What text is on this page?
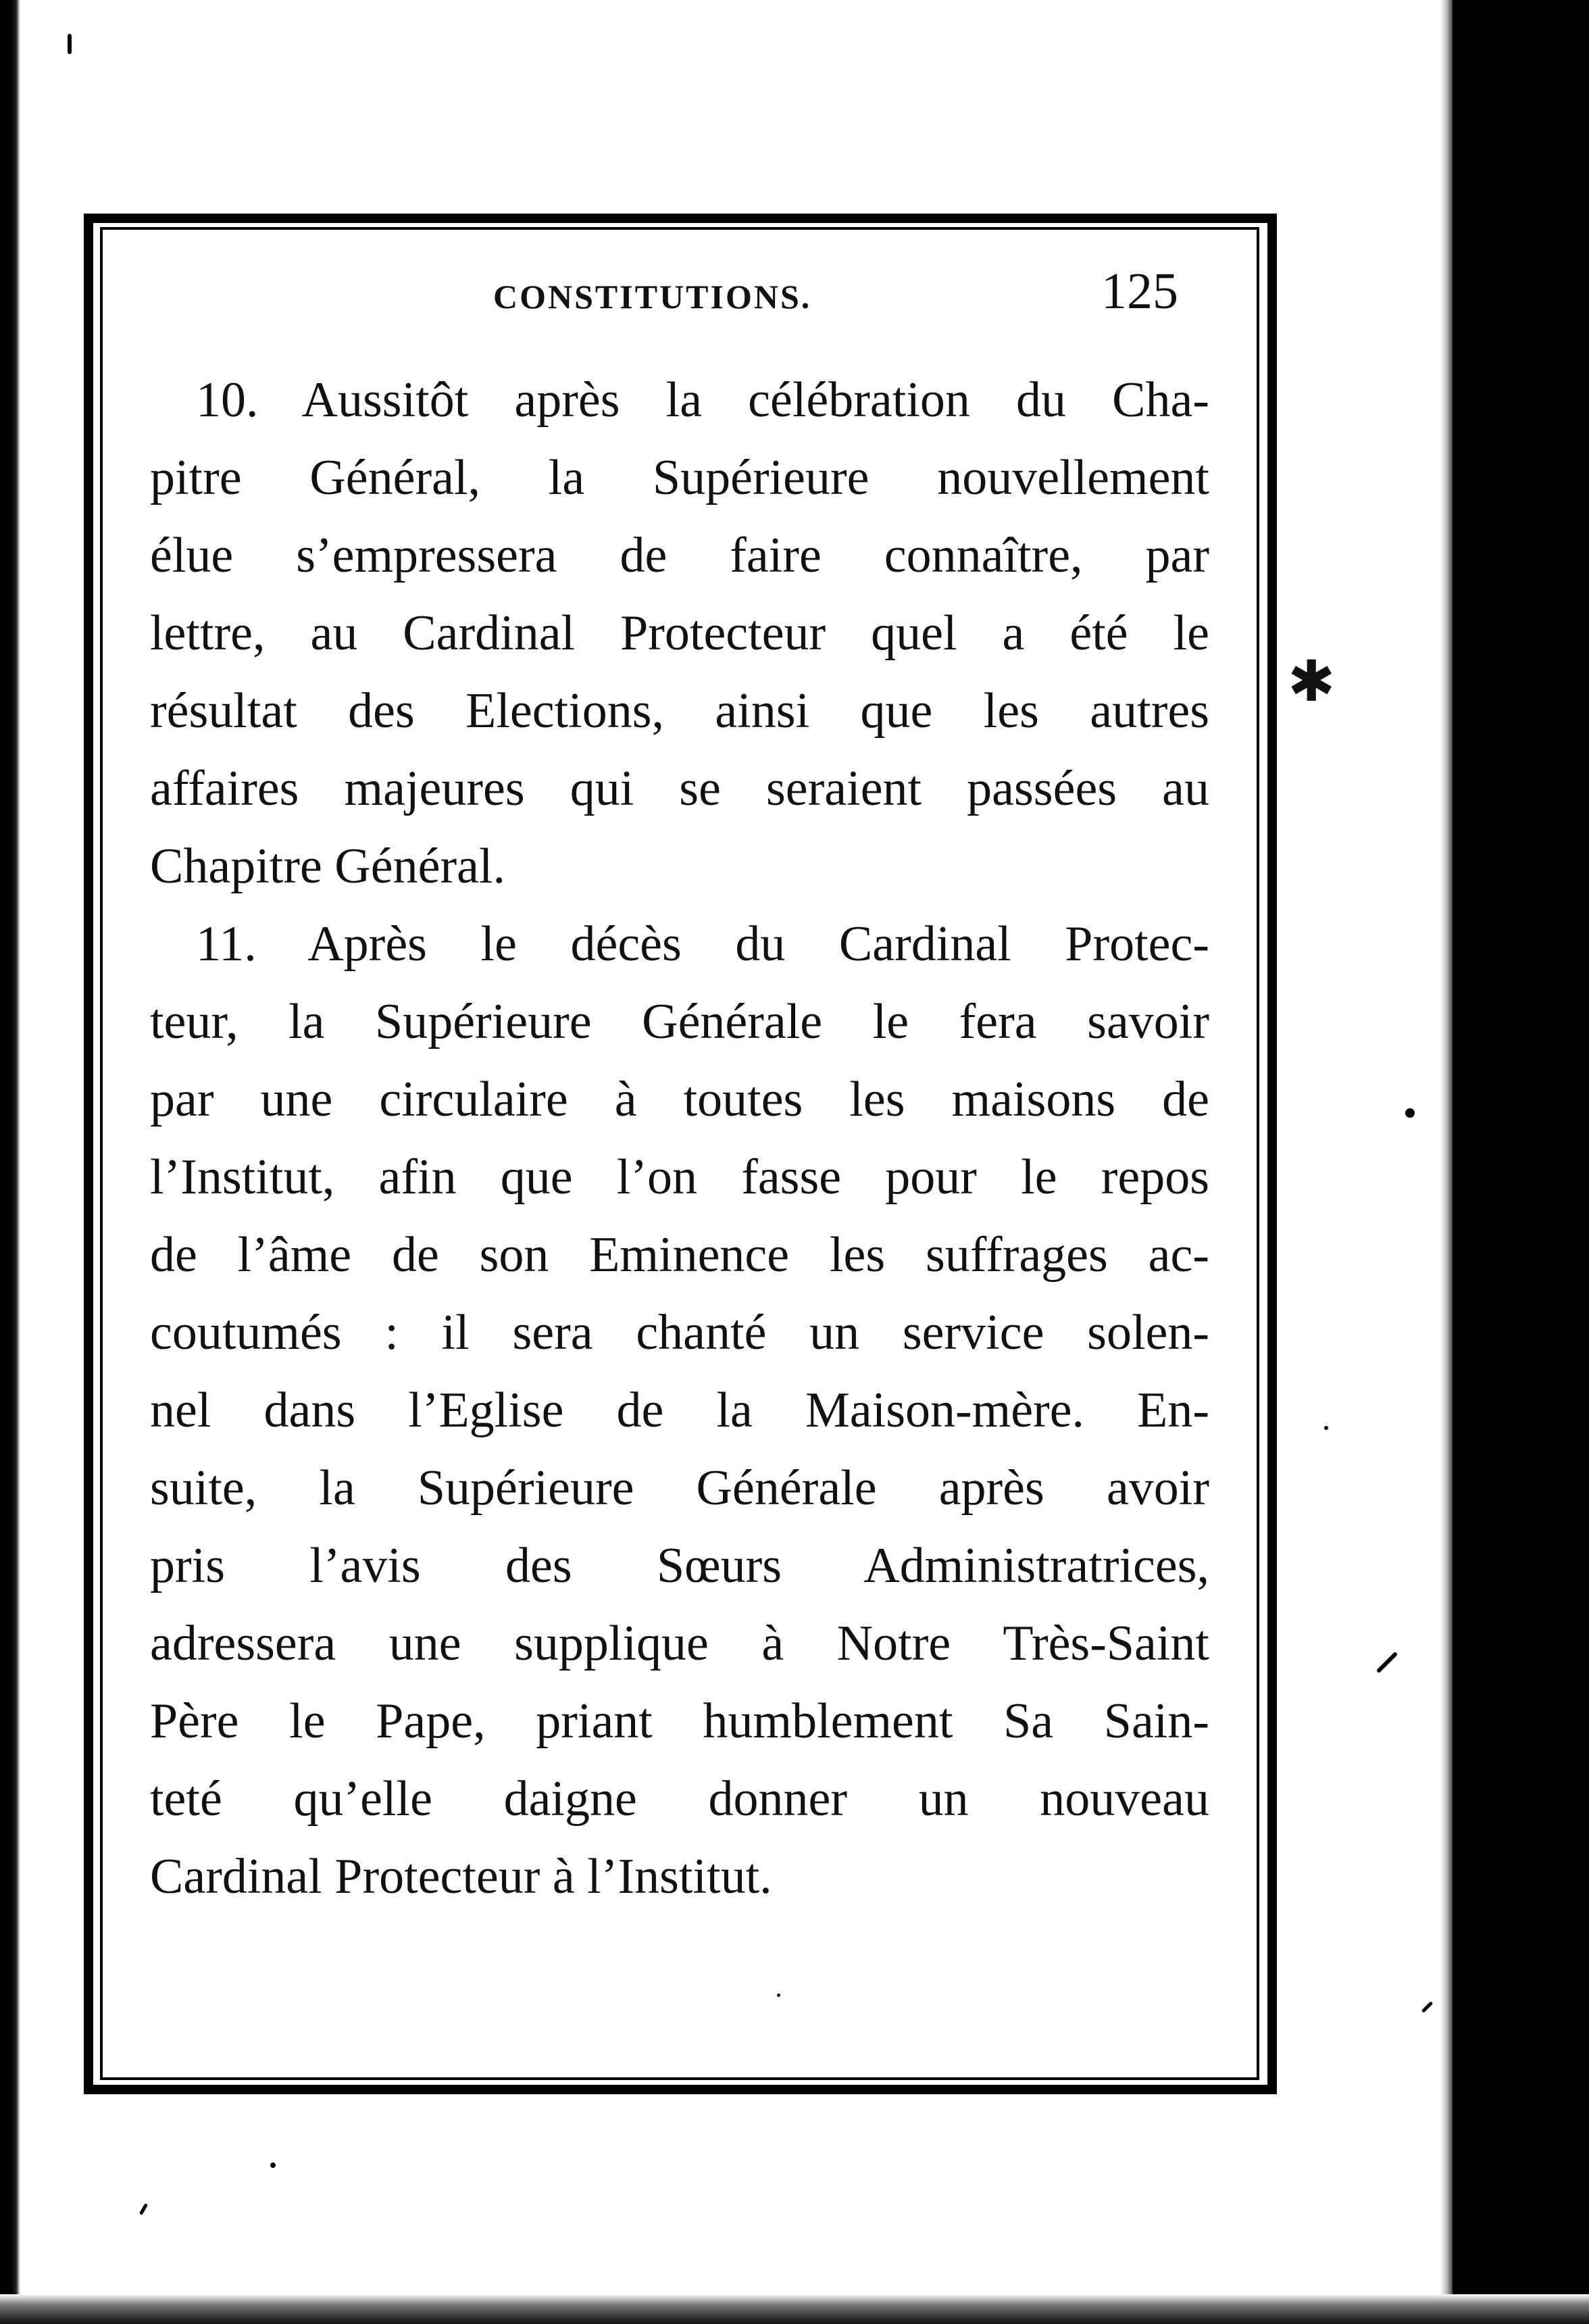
CONSTITUTIONS.	125
10. Aussitôt après la célébration du Cha-
pitre Général, la Supérieure nouvellement
élue s’empressera de faire connaître, par
lettre, au Cardinal Protecteur quel a été le
résultat des Elections, ainsi que les autres
affaires majeures qui se seraient passées au
Chapitre Général.
11. Après le décès du Cardinal Protec-
teur, la Supérieure Générale le fera savoir
par une circulaire à toutes les maisons de
l’Institut, afin que l’on fasse pour le repos
de l’âme de son Eminence les suffrages ac-
coutumés : il sera chanté un service solen-
nel dans l’Eglise de la Maison-mère. En-
suite, la Supérieure Générale après avoir
pris l’avis des Sœurs Administratrices,
adressera une supplique à Notre Très-Saint
Père le Pape, priant humblement Sa Sain-
teté qu’elle daigne donner un nouveau
Cardinal Protecteur à l’Institut.
✱
